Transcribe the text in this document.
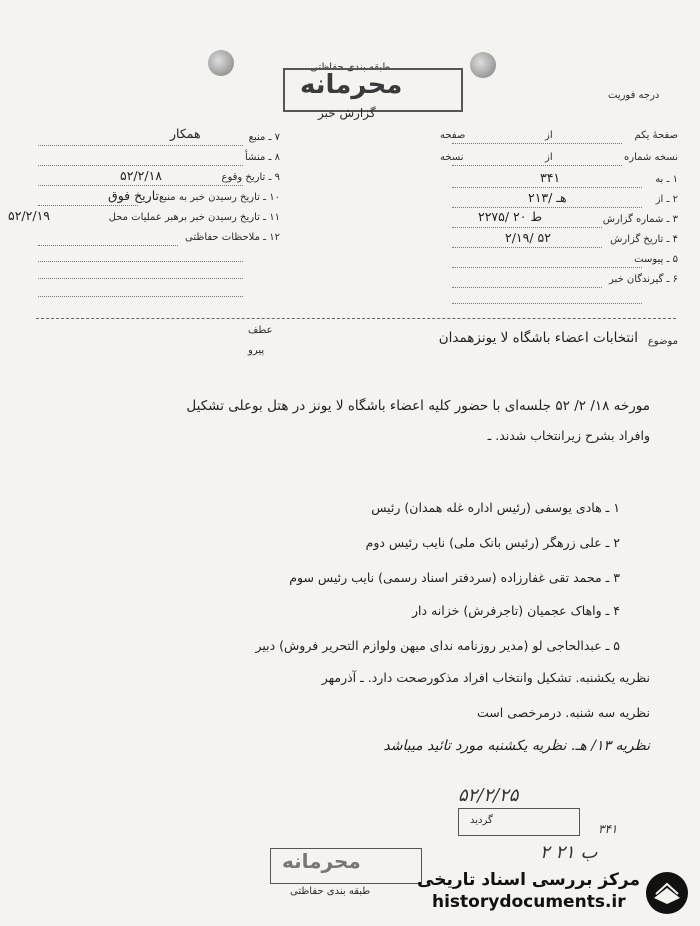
طبقه بندی حفاظتی
محرمانه
گزارش خبر
درجه فوریت
صفحهٔ یکم
از
صفحه
نسخه شماره
از
نسخه
۱ ـ به
۳۴۱
۲ ـ از
۲۱۳/ هـ
۳ ـ شماره گزارش
۲۲۷۵/ ۲۰ ط
۴ ـ تاریخ گزارش
۲/۱۹/ ۵۲
۵ ـ پیوست
۶ ـ گیرندگان خبر
۷ ـ منبع
همکار
۸ ـ منشأ
۹ ـ تاریخ وقوع
۵۲/۲/۱۸
۱۰ ـ تاریخ رسیدن خبر به منبع
تاریخ فوق
۱۱ ـ تاریخ رسیدن خبر برهبر عملیات محل
۵۲/۲/۱۹
۱۲ ـ ملاحظات حفاظتی
عطف
پیرو
موضوع
انتخابات اعضاء باشگاه لا یونزهمدان
مورخه ۱۸/ ۲/ ۵۲ جلسه‌ای با حضور کلیه اعضاء باشگاه لا یونز در هتل بوعلی تشکیل
وافراد بشرح زیرانتخاب شدند. ـ
۱ ـ هادی یوسفی (رئیس اداره غله همدان) رئیس
۲ ـ علی زرهگر (رئیس بانک ملی) نایب رئیس دوم
۳ ـ محمد تقی غفارزاده (سردفتر اسناد رسمی) نایب رئیس سوم
۴ ـ واهاک عجمیان (تاجرفرش) خزانه دار
۵ ـ عبدالحاجی لو (مدیر روزنامه ندای میهن ولوازم التحریر فروش) دبیر
نظریه یکشنبه. تشکیل وانتخاب افراد مذکورصحت دارد. ـ آذرمهر
نظریه سه شنبه. درمرخصی است
نظریه ۱۳/ هـ. نظریه یکشنبه مورد تائید میباشد
۵۲/۲/۲۵
گردید
۳۴۱
۲ ب ۲۱
محرمانه
طبقه بندی حفاظتی
مرکز بررسی اسناد تاریخی
historydocuments.ir
